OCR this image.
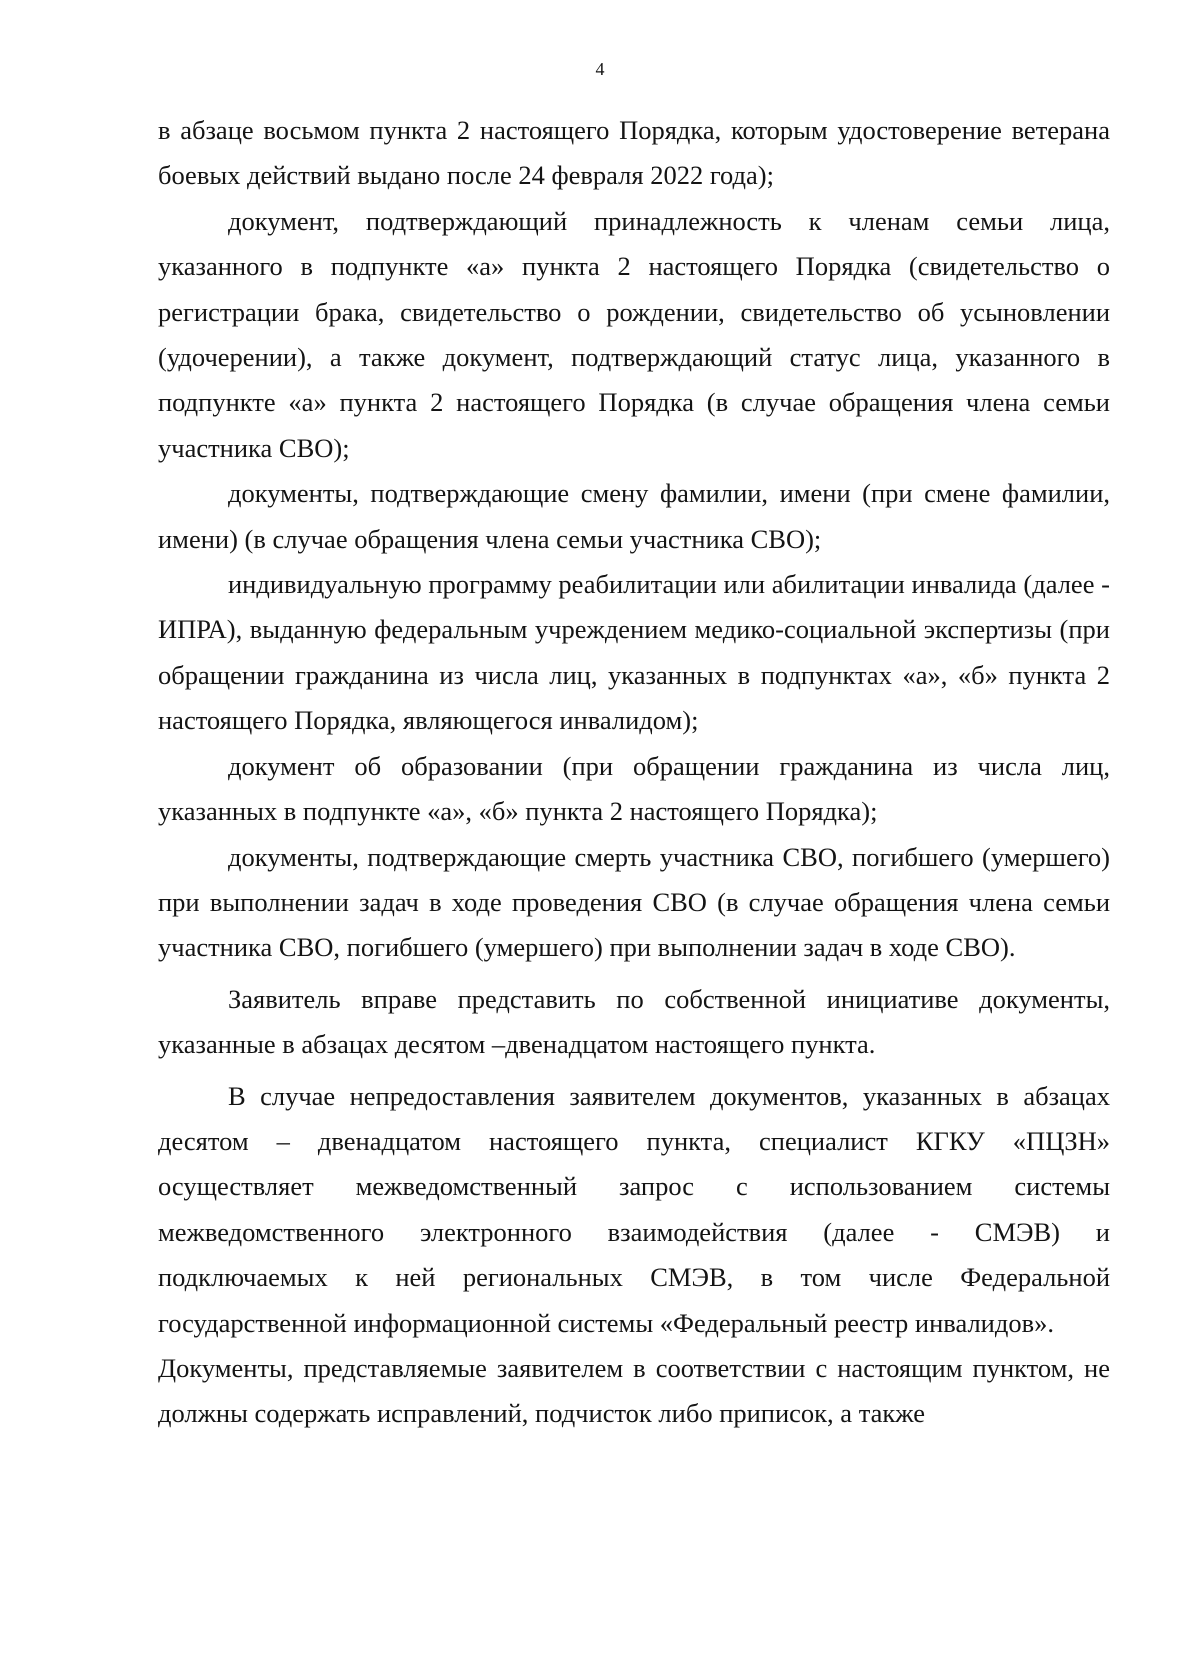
4

в абзаце восьмом пункта 2 настоящего Порядка, которым удостоверение ветерана боевых действий выдано после 24 февраля 2022 года);

документ, подтверждающий принадлежность к членам семьи лица, указанного в подпункте «а» пункта 2 настоящего Порядка (свидетельство о регистрации брака, свидетельство о рождении, свидетельство об усыновлении (удочерении), а также документ, подтверждающий статус лица, указанного в подпункте «а» пункта 2 настоящего Порядка (в случае обращения члена семьи участника СВО);

документы, подтверждающие смену фамилии, имени (при смене фамилии, имени) (в случае обращения члена семьи участника СВО);

индивидуальную программу реабилитации или абилитации инвалида (далее - ИПРА), выданную федеральным учреждением медико-социальной экспертизы (при обращении гражданина из числа лиц, указанных в подпунктах «а», «б» пункта 2 настоящего Порядка, являющегося инвалидом);

документ об образовании (при обращении гражданина из числа лиц, указанных в подпункте «а», «б» пункта 2 настоящего Порядка);

документы, подтверждающие смерть участника СВО, погибшего (умершего) при выполнении задач в ходе проведения СВО (в случае обращения члена семьи участника СВО, погибшего (умершего) при выполнении задач в ходе СВО).

Заявитель вправе представить по собственной инициативе документы, указанные в абзацах десятом –двенадцатом настоящего пункта.

В случае непредоставления заявителем документов, указанных в абзацах десятом – двенадцатом настоящего пункта, специалист КГКУ «ПЦЗН» осуществляет межведомственный запрос с использованием системы межведомственного электронного взаимодействия (далее - СМЭВ) и подключаемых к ней региональных СМЭВ, в том числе Федеральной государственной информационной системы «Федеральный реестр инвалидов».

Документы, представляемые заявителем в соответствии с настоящим пунктом, не должны содержать исправлений, подчисток либо приписок, а также
